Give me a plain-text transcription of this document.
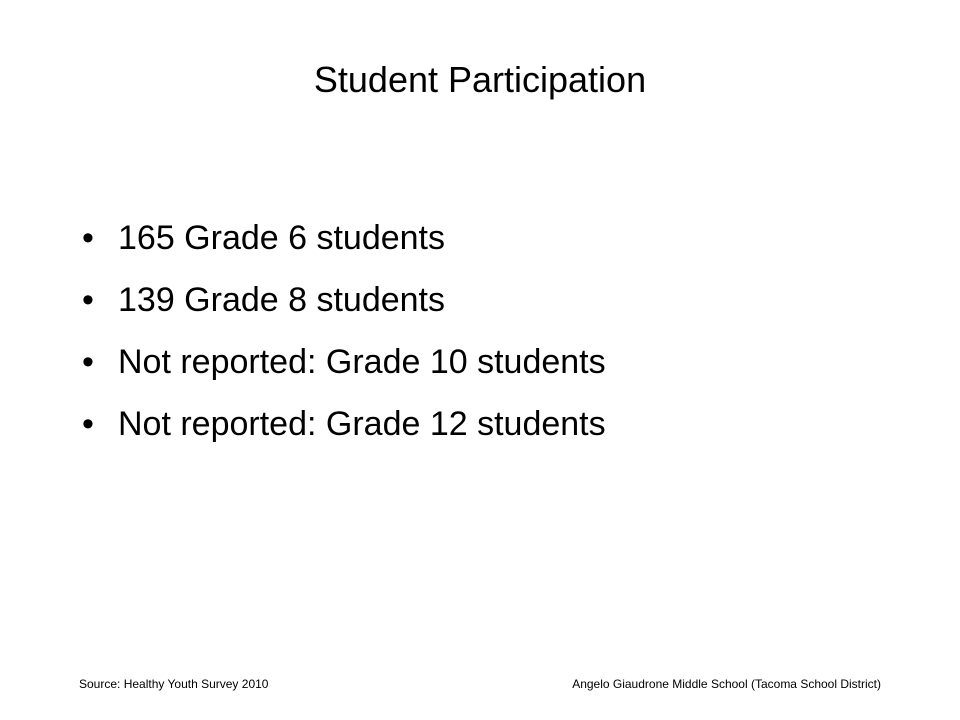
Student Participation
• 165 Grade 6 students
• 139 Grade 8 students
• Not reported: Grade 10 students
• Not reported: Grade 12 students
Source: Healthy Youth Survey 2010	Angelo Giaudrone Middle School (Tacoma School District)
